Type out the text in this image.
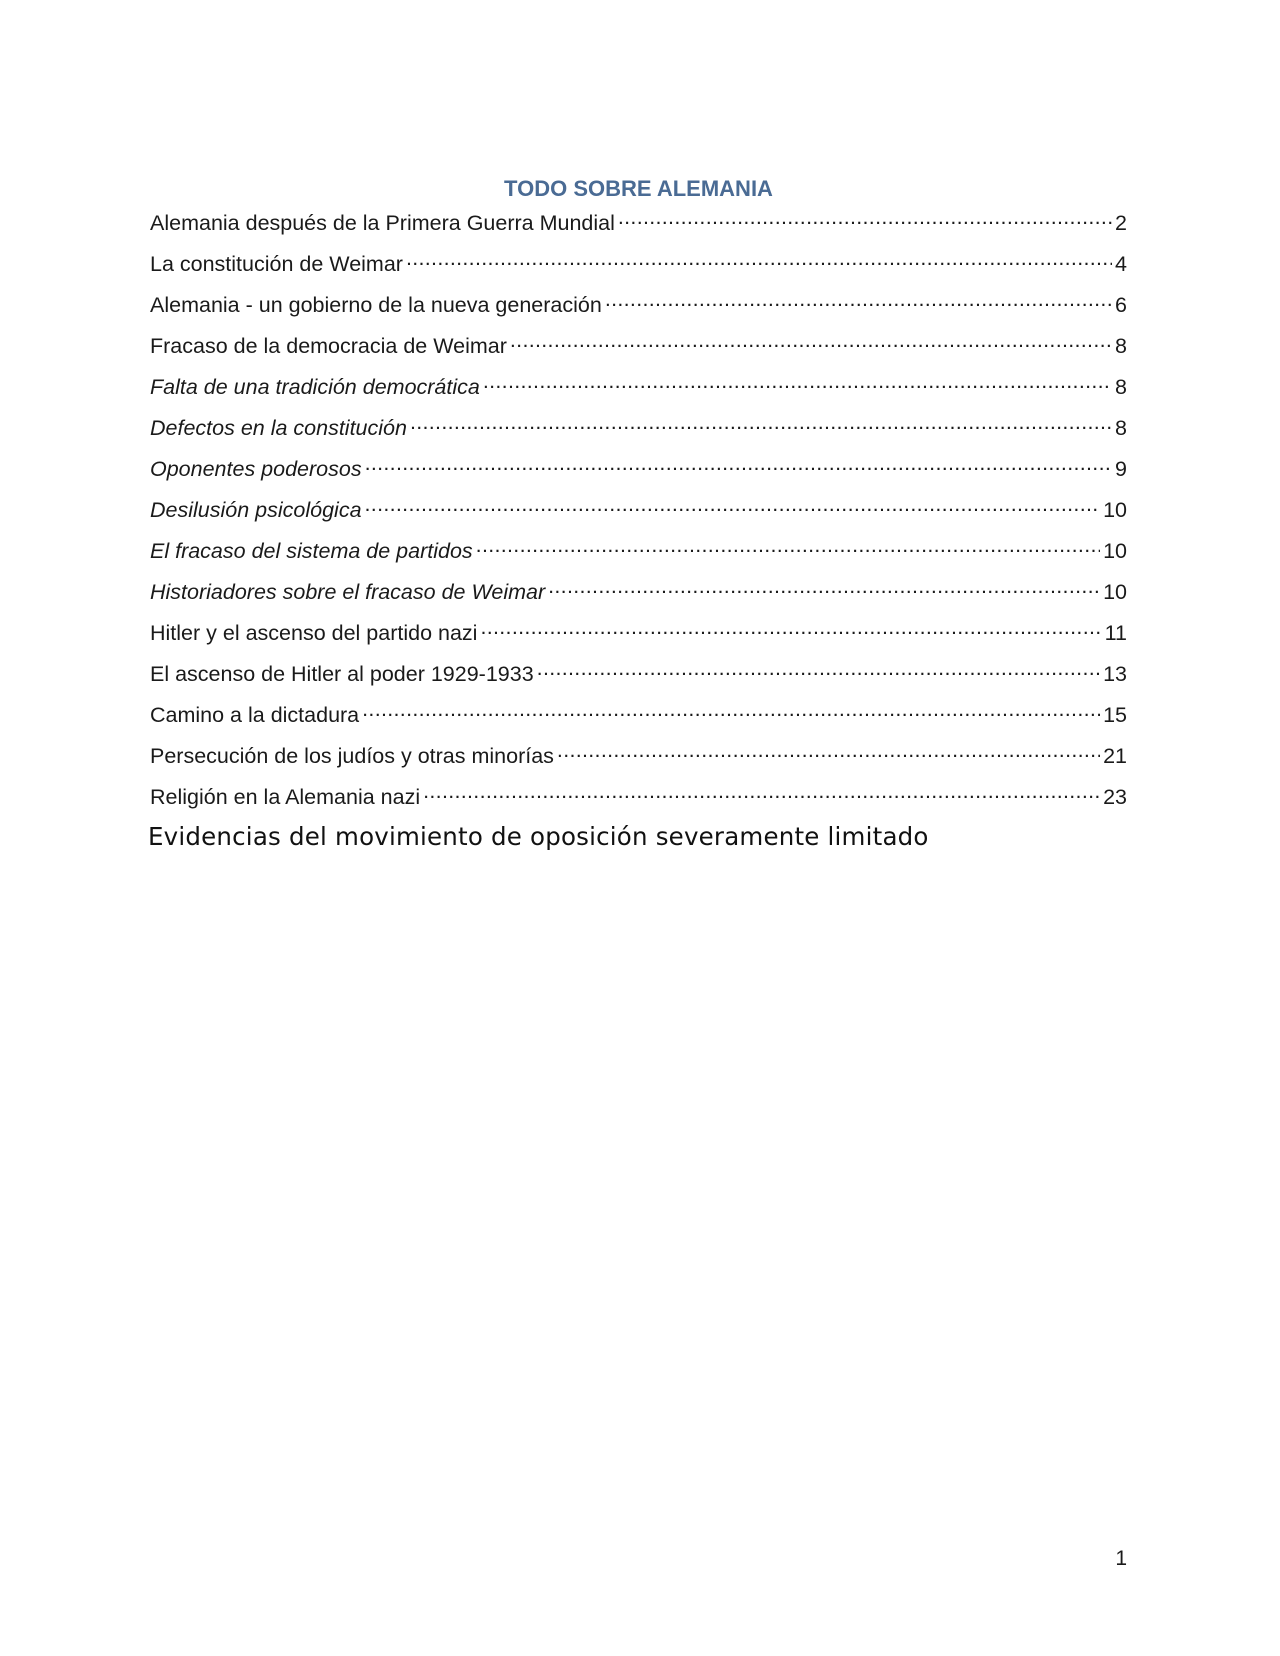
TODO SOBRE ALEMANIA
Alemania después de la Primera Guerra Mundial .....	2
La constitución de Weimar .....	4
Alemania - un gobierno de la nueva generación .....	6
Fracaso de la democracia de Weimar .....	8
Falta de una tradición democrática .....	8
Defectos en la constitución .....	8
Oponentes poderosos .....	9
Desilusión psicológica .....	10
El fracaso del sistema de partidos .....	10
Historiadores sobre el fracaso de Weimar .....	10
Hitler y el ascenso del partido nazi .....	11
El ascenso de Hitler al poder 1929-1933 .....	13
Camino a la dictadura .....	15
Persecución de los judíos y otras minorías .....	21
Religión en la Alemania nazi .....	23
Evidencias del movimiento de oposición severamente limitado
1
